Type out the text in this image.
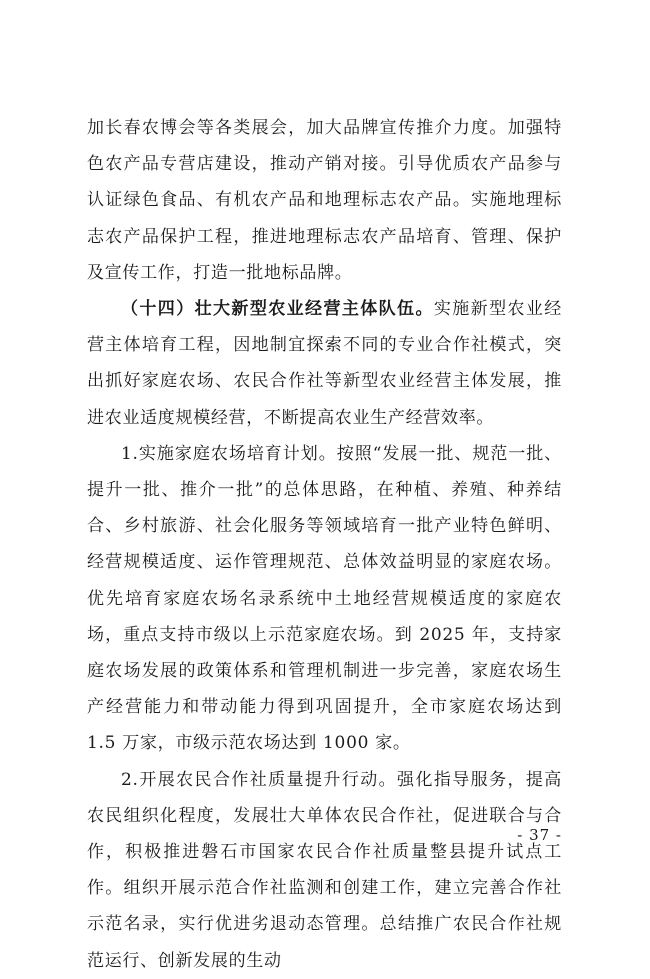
加长春农博会等各类展会，加大品牌宣传推介力度。加强特色农产品专营店建设，推动产销对接。引导优质农产品参与认证绿色食品、有机农产品和地理标志农产品。实施地理标志农产品保护工程，推进地理标志农产品培育、管理、保护及宣传工作，打造一批地标品牌。

（十四）壮大新型农业经营主体队伍。实施新型农业经营主体培育工程，因地制宜探索不同的专业合作社模式，突出抓好家庭农场、农民合作社等新型农业经营主体发展，推进农业适度规模经营，不断提高农业生产经营效率。

1.实施家庭农场培育计划。按照“发展一批、规范一批、提升一批、推介一批”的总体思路，在种植、养殖、种养结合、乡村旅游、社会化服务等领域培育一批产业特色鲜明、经营规模适度、运作管理规范、总体效益明显的家庭农场。优先培育家庭农场名录系统中土地经营规模适度的家庭农场，重点支持市级以上示范家庭农场。到 2025 年，支持家庭农场发展的政策体系和管理机制进一步完善，家庭农场生产经营能力和带动能力得到巩固提升，全市家庭农场达到 1.5 万家，市级示范农场达到 1000 家。

2.开展农民合作社质量提升行动。强化指导服务，提高农民组织化程度，发展壮大单体农民合作社，促进联合与合作，积极推进磐石市国家农民合作社质量整县提升试点工作。组织开展示范合作社监测和创建工作，建立完善合作社示范名录，实行优进劣退动态管理。总结推广农民合作社规范运行、创新发展的生动

- 37 -
